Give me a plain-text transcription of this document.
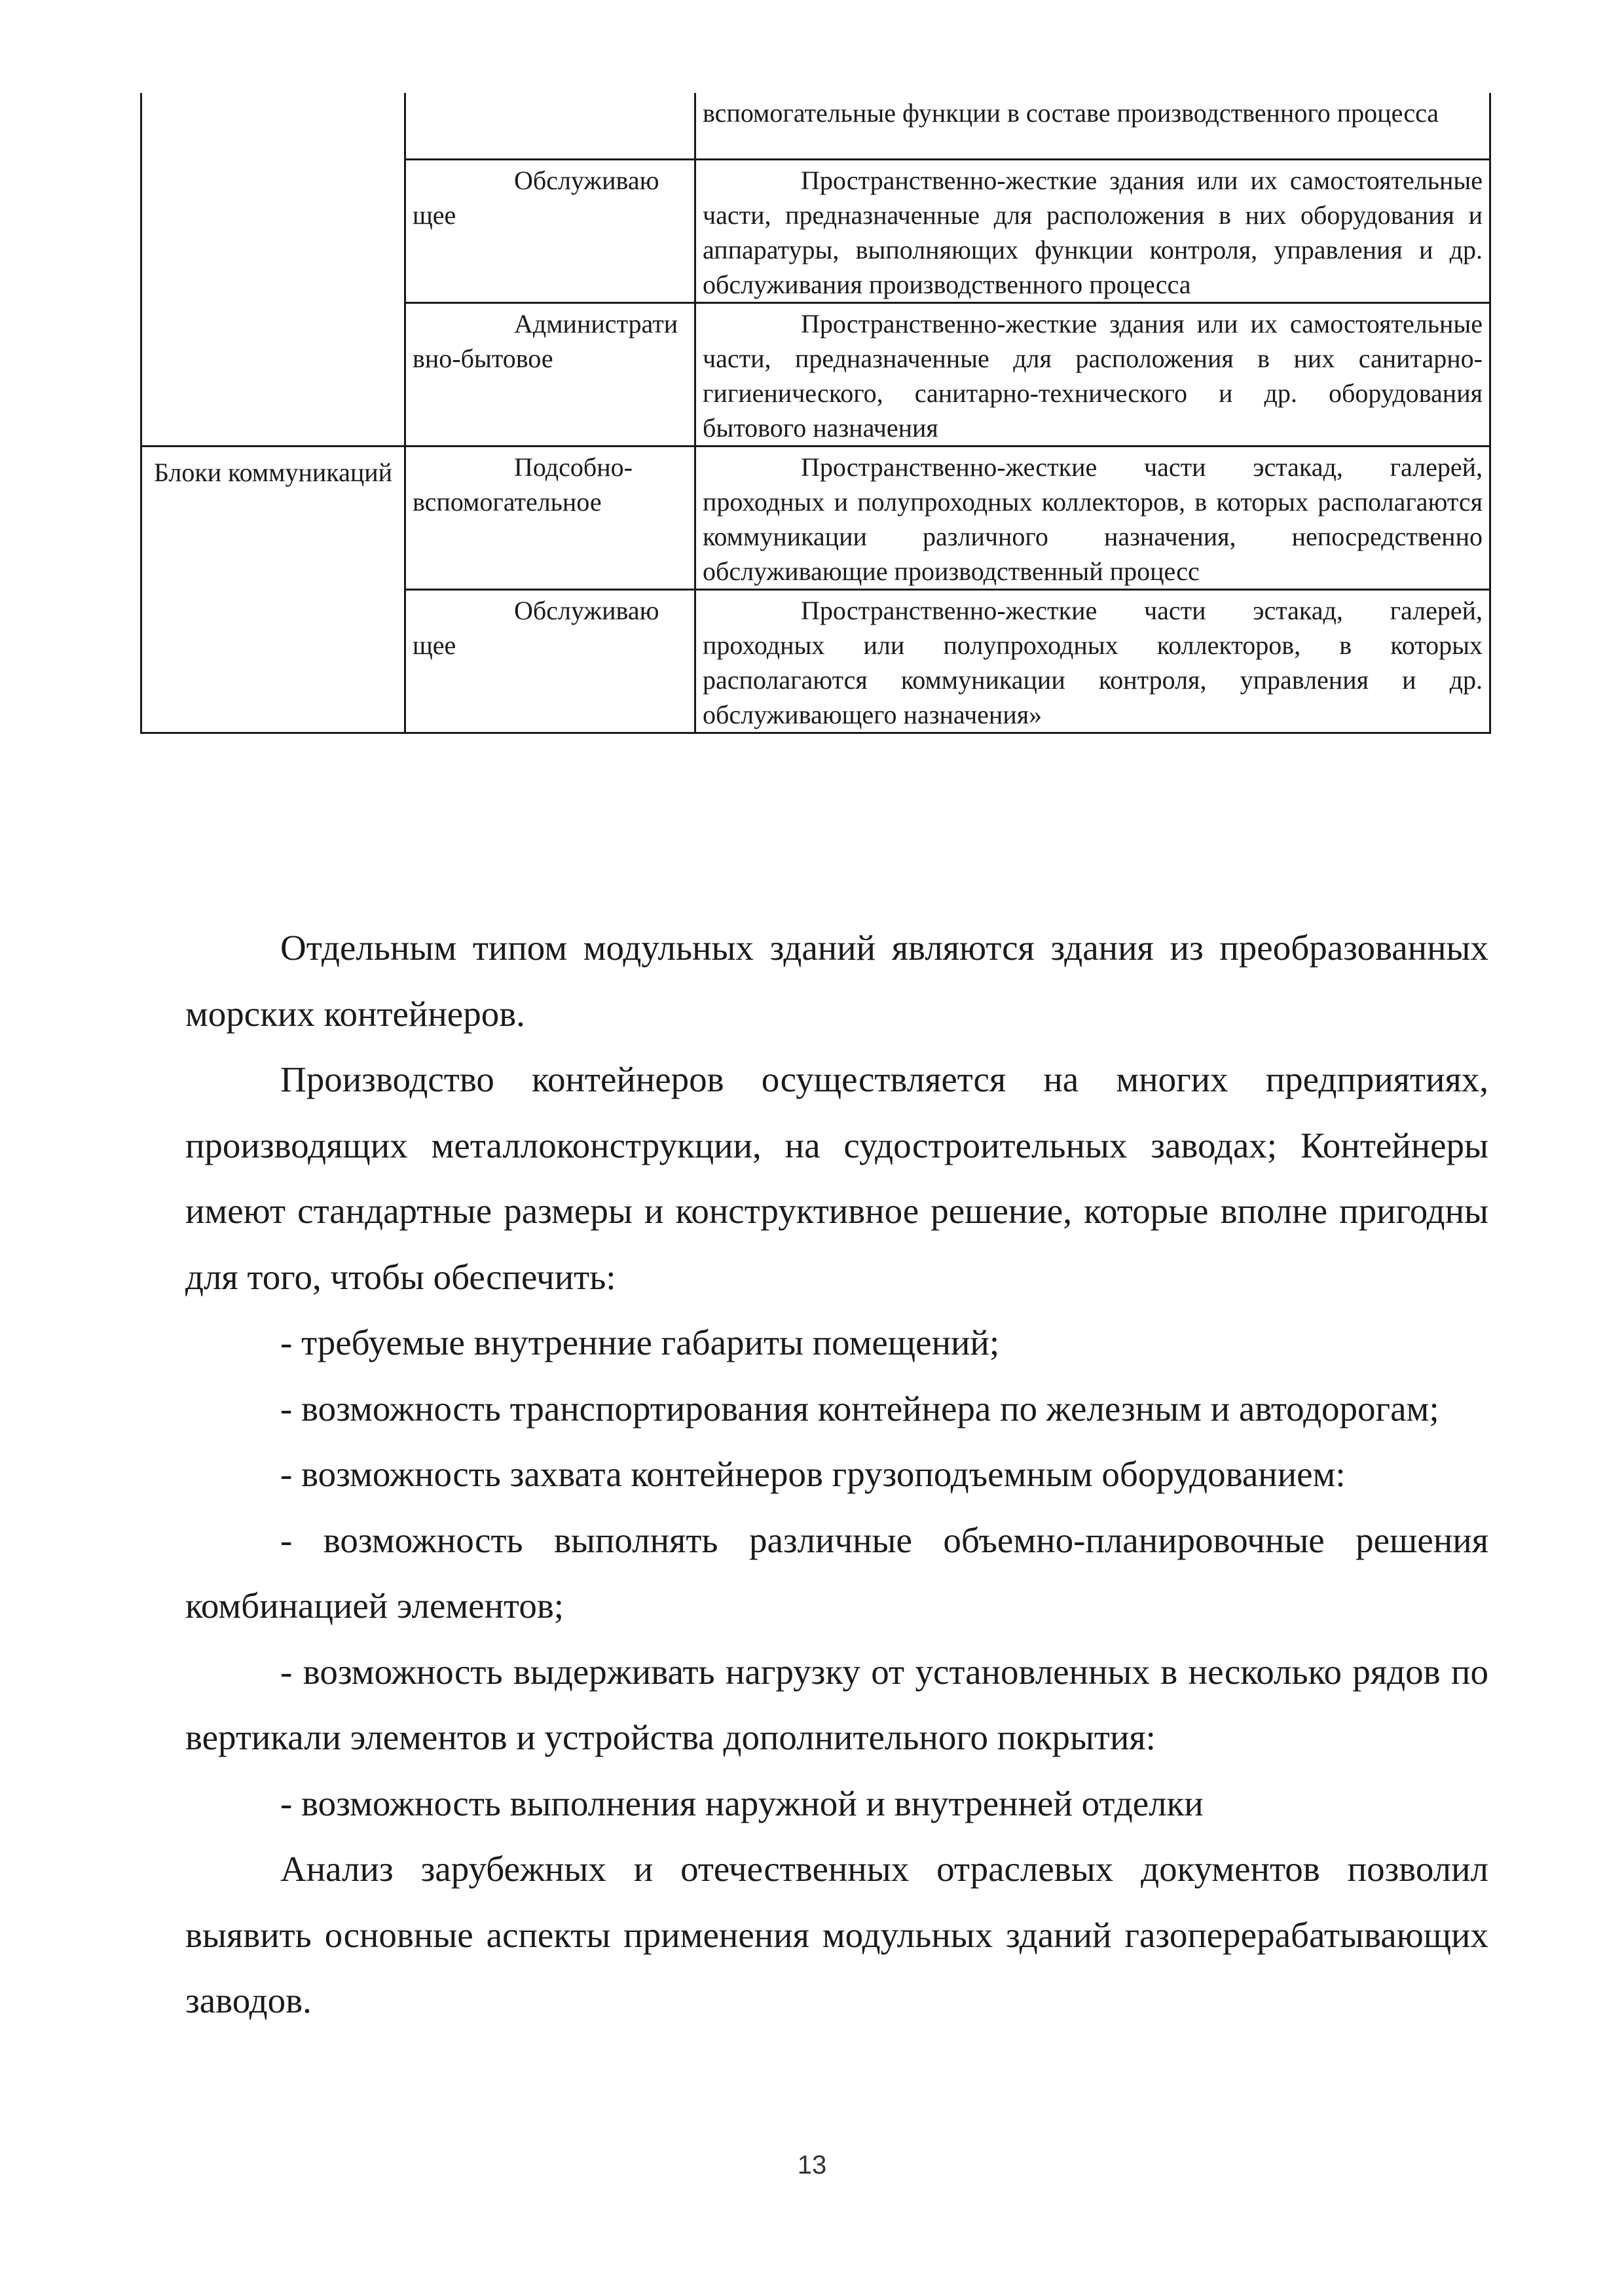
		вспомогательные функции в составе производственного процесса

	Обслуживаю щее	Пространственно-жесткие здания или их самостоятельные части, предназначенные для расположения в них оборудования и аппаратуры, выполняющих функции контроля, управления и др. обслуживания производственного процесса

	Административно-бытовое	Пространственно-жесткие здания или их самостоятельные части, предназначенные для расположения в них санитарно-гигиенического, санитарно-технического и др. оборудования бытового назначения

Блоки коммуникаций	Подсобно-вспомогательное	Пространственно-жесткие части эстакад, галерей, проходных и полупроходных коллекторов, в которых располагаются коммуникации различного назначения, непосредственно обслуживающие производственный процесс

	Обслуживаю щее	Пространственно-жесткие части эстакад, галерей, проходных или полупроходных коллекторов, в которых располагаются коммуникации контроля, управления и др. обслуживающего назначения»

Отдельным типом модульных зданий являются здания из преобразованных морских контейнеров.

Производство контейнеров осуществляется на многих предприятиях, производящих металлоконструкции, на судостроительных заводах; Контейнеры имеют стандартные размеры и конструктивное решение, которые вполне пригодны для того, чтобы обеспечить:

- требуемые внутренние габариты помещений;

- возможность транспортирования контейнера по железным и автодорогам;

- возможность захвата контейнеров грузоподъемным оборудованием:

- возможность выполнять различные объемно-планировочные решения комбинацией элементов;

- возможность выдерживать нагрузку от установленных в несколько рядов по вертикали элементов и устройства дополнительного покрытия:

- возможность выполнения наружной и внутренней отделки

Анализ зарубежных и отечественных отраслевых документов позволил выявить основные аспекты применения модульных зданий газоперерабатывающих заводов.

13
